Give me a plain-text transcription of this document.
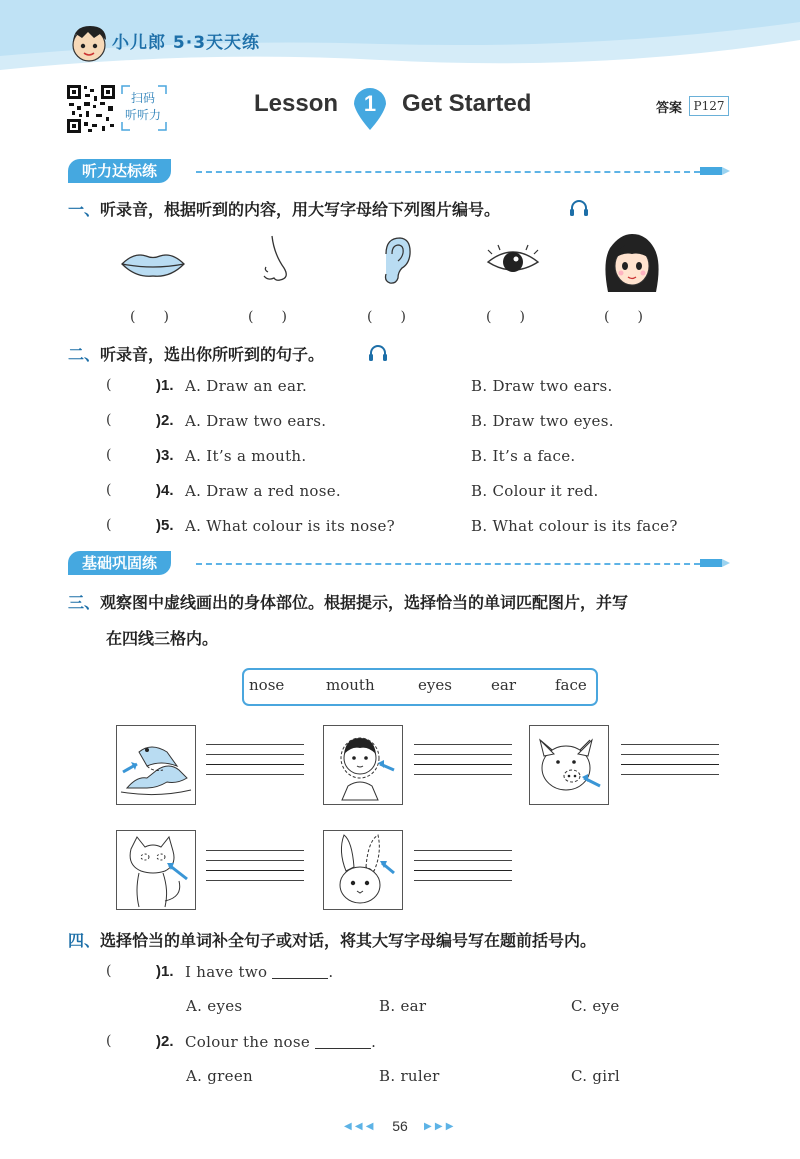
小儿郎 5·3天天练
扫码
听听力	Lesson	1	Get Started	答案 P127
听力达标练
一、听录音，根据听到的内容，用大写字母给下列图片编号。
(　　)	(　　)	(　　)	(　　)	(　　)
二、听录音，选出你所听到的句子。
(	)1. A. Draw an ear.	B. Draw two ears.
(	)2. A. Draw two ears.	B. Draw two eyes.
(	)3. A. It’s a mouth.	B. It’s a face.
(	)4. A. Draw a red nose.	B. Colour it red.
(	)5. A. What colour is its nose?	B. What colour is its face?
基础巩固练
三、观察图中虚线画出的身体部位。根据提示，选择恰当的单词匹配图片，并写
在四线三格内。
nose	mouth	eyes	ear	face
四、选择恰当的单词补全句子或对话，将其大写字母编号写在题前括号内。
(	)1. I have two	.
A. eyes	B. ear	C. eye
(	)2. Colour the nose	.
A. green	B. ruler	C. girl
◀ ◀ ◀	56	▶ ▶ ▶
